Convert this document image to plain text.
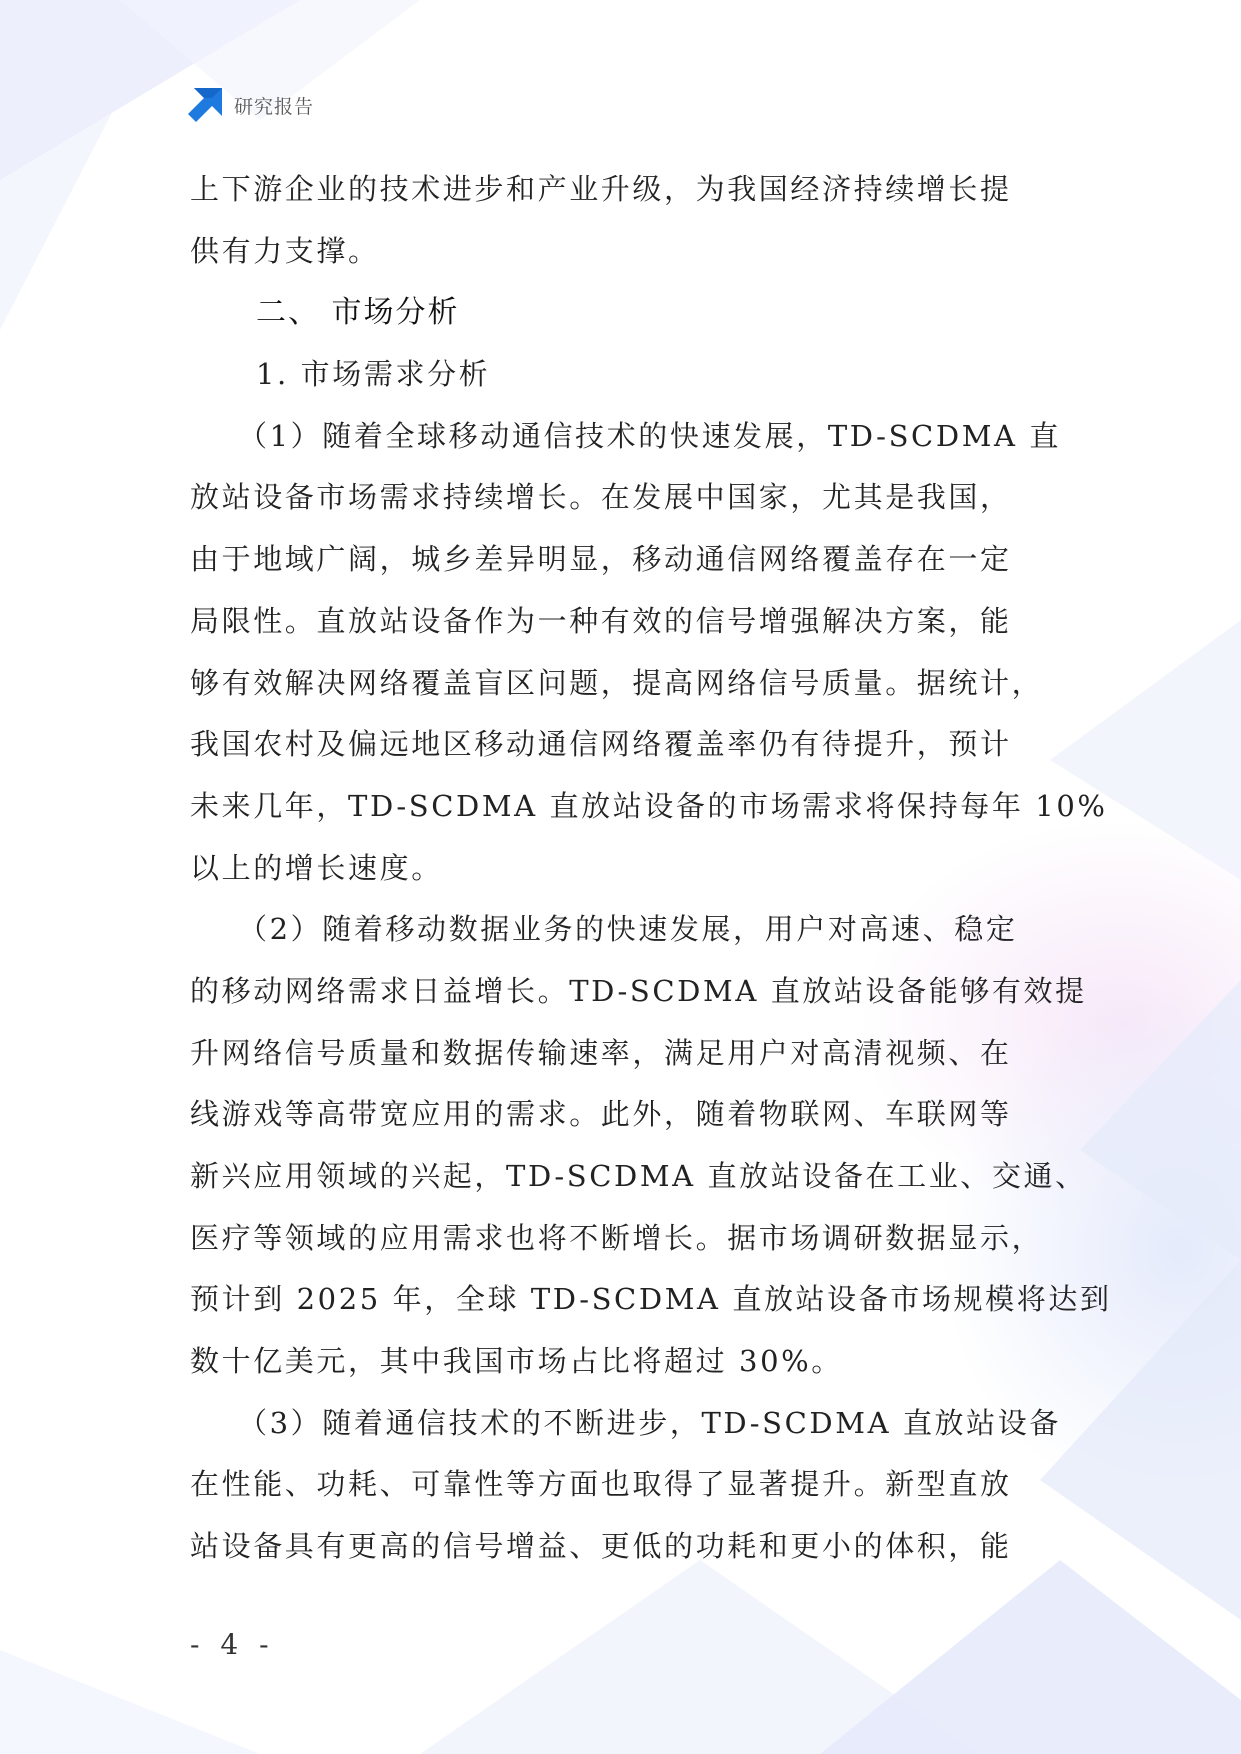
研究报告
上下游企业的技术进步和产业升级，为我国经济持续增长提
供有力支撑。
二、 市场分析
1. 市场需求分析
（1）随着全球移动通信技术的快速发展，TD-SCDMA 直
放站设备市场需求持续增长。在发展中国家，尤其是我国，
由于地域广阔，城乡差异明显，移动通信网络覆盖存在一定
局限性。直放站设备作为一种有效的信号增强解决方案，能
够有效解决网络覆盖盲区问题，提高网络信号质量。据统计，
我国农村及偏远地区移动通信网络覆盖率仍有待提升，预计
未来几年，TD-SCDMA 直放站设备的市场需求将保持每年 10%
以上的增长速度。
（2）随着移动数据业务的快速发展，用户对高速、稳定
的移动网络需求日益增长。TD-SCDMA 直放站设备能够有效提
升网络信号质量和数据传输速率，满足用户对高清视频、在
线游戏等高带宽应用的需求。此外，随着物联网、车联网等
新兴应用领域的兴起，TD-SCDMA 直放站设备在工业、交通、
医疗等领域的应用需求也将不断增长。据市场调研数据显示，
预计到 2025 年，全球 TD-SCDMA 直放站设备市场规模将达到
数十亿美元，其中我国市场占比将超过 30%。
（3）随着通信技术的不断进步，TD-SCDMA 直放站设备
在性能、功耗、可靠性等方面也取得了显著提升。新型直放
站设备具有更高的信号增益、更低的功耗和更小的体积，能
- 4 -
